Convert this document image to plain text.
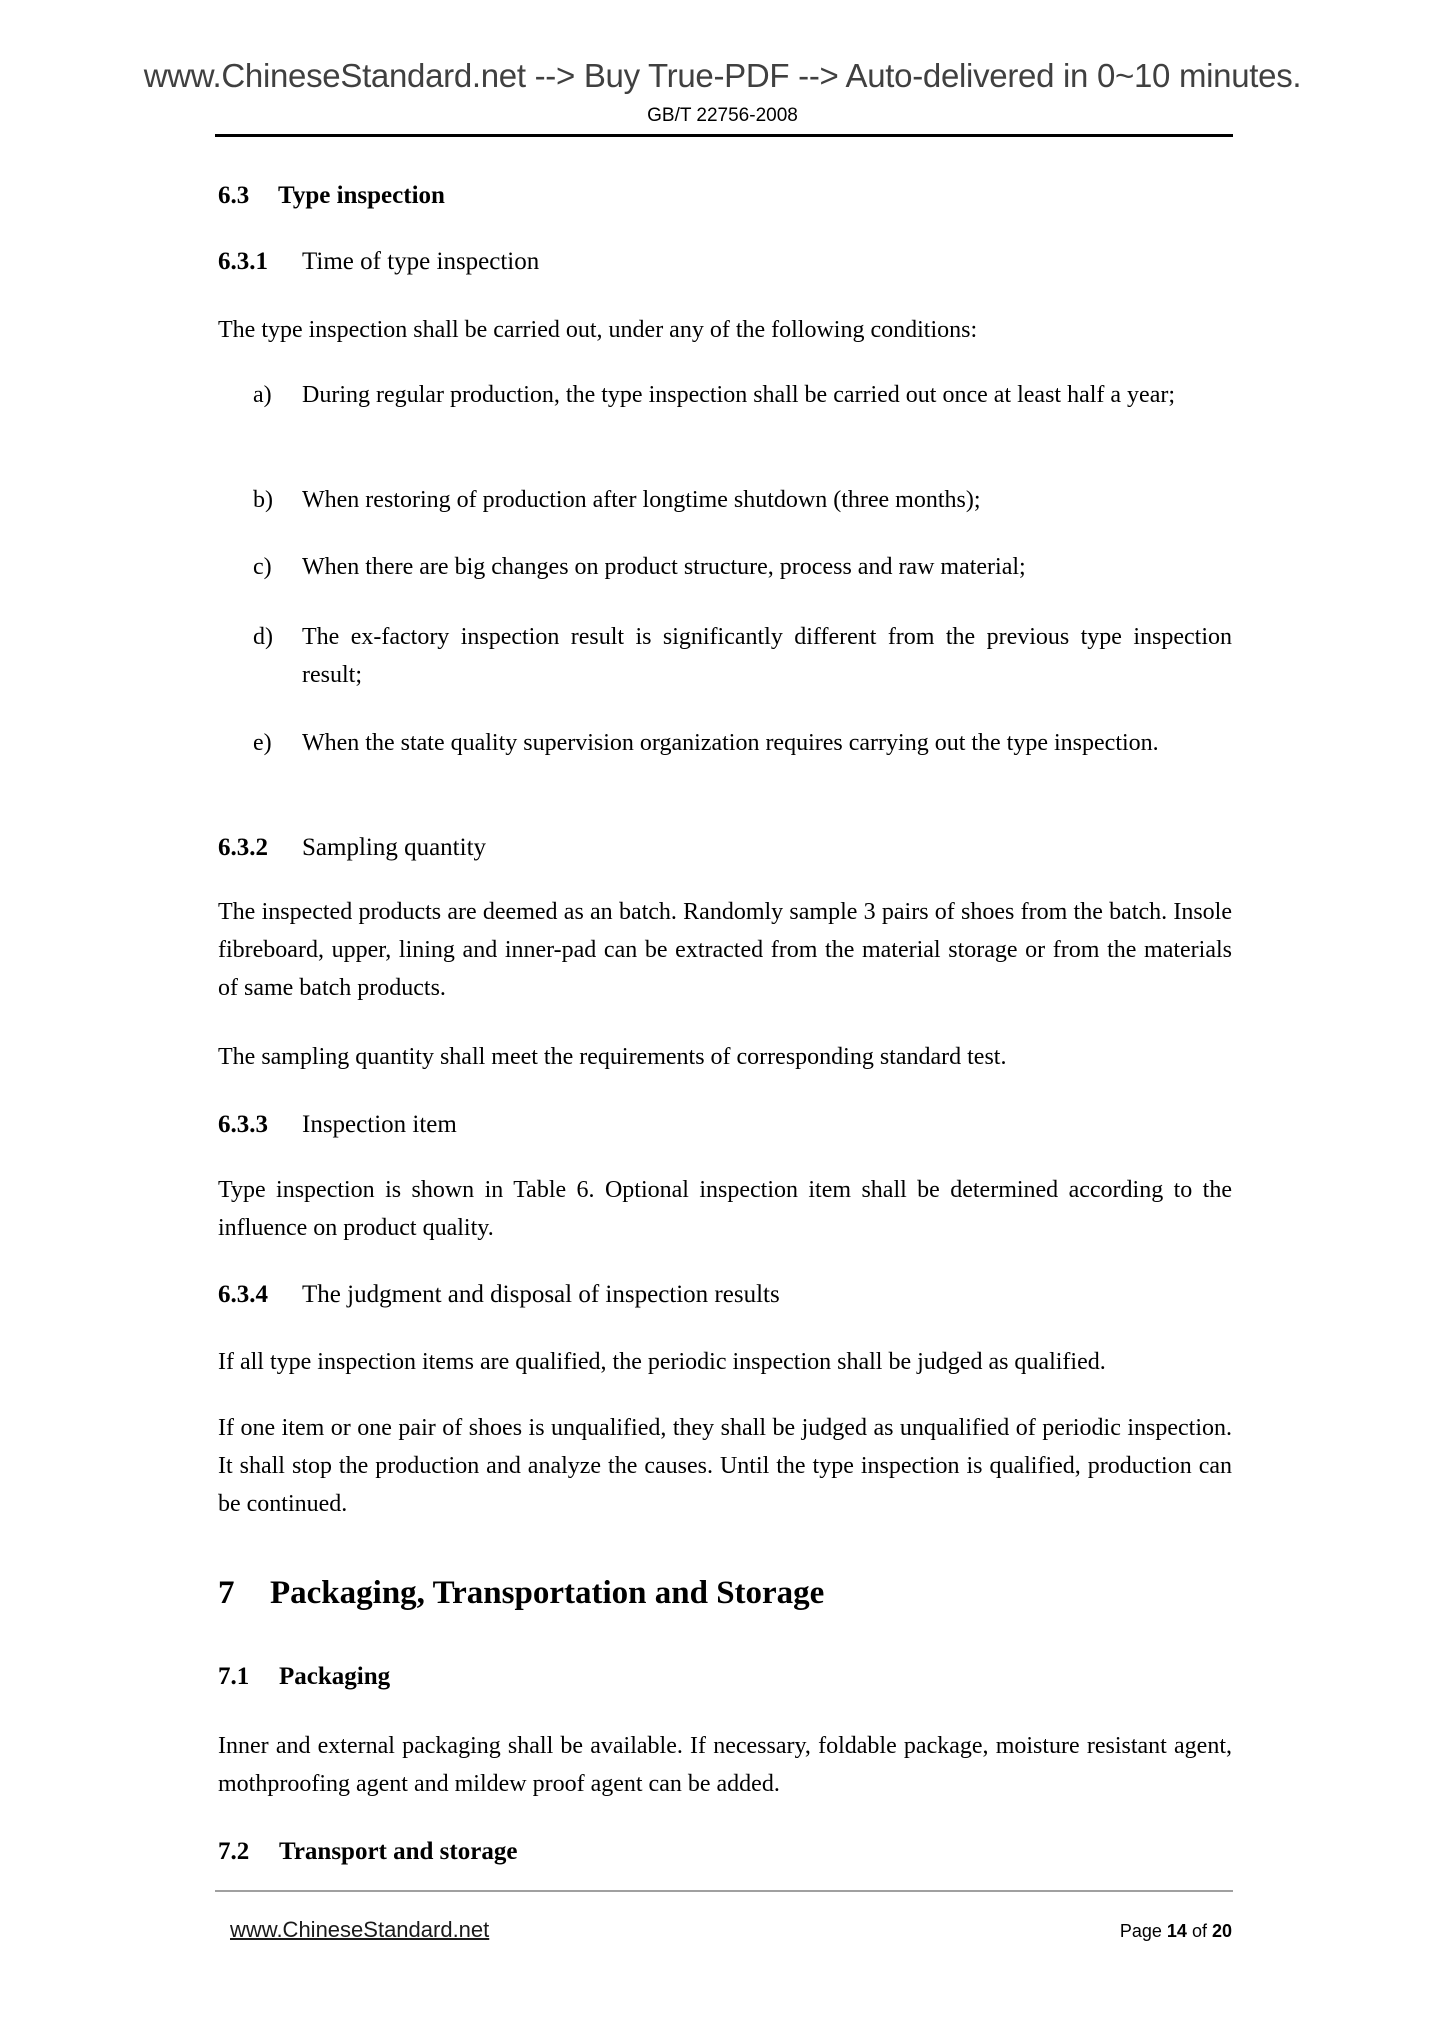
www.ChineseStandard.net --> Buy True-PDF --> Auto-delivered in 0~10 minutes.
GB/T 22756-2008
6.3 Type inspection
6.3.1 Time of type inspection
The type inspection shall be carried out, under any of the following conditions:
a) During regular production, the type inspection shall be carried out once at least half a year;
b) When restoring of production after longtime shutdown (three months);
c) When there are big changes on product structure, process and raw material;
d) The ex-factory inspection result is significantly different from the previous type inspection result;
e) When the state quality supervision organization requires carrying out the type inspection.
6.3.2 Sampling quantity
The inspected products are deemed as an batch. Randomly sample 3 pairs of shoes from the batch. Insole fibreboard, upper, lining and inner-pad can be extracted from the material storage or from the materials of same batch products.
The sampling quantity shall meet the requirements of corresponding standard test.
6.3.3 Inspection item
Type inspection is shown in Table 6. Optional inspection item shall be determined according to the influence on product quality.
6.3.4 The judgment and disposal of inspection results
If all type inspection items are qualified, the periodic inspection shall be judged as qualified.
If one item or one pair of shoes is unqualified, they shall be judged as unqualified of periodic inspection. It shall stop the production and analyze the causes. Until the type inspection is qualified, production can be continued.
7 Packaging, Transportation and Storage
7.1 Packaging
Inner and external packaging shall be available. If necessary, foldable package, moisture resistant agent, mothproofing agent and mildew proof agent can be added.
7.2 Transport and storage
www.ChineseStandard.net	Page 14 of 20
